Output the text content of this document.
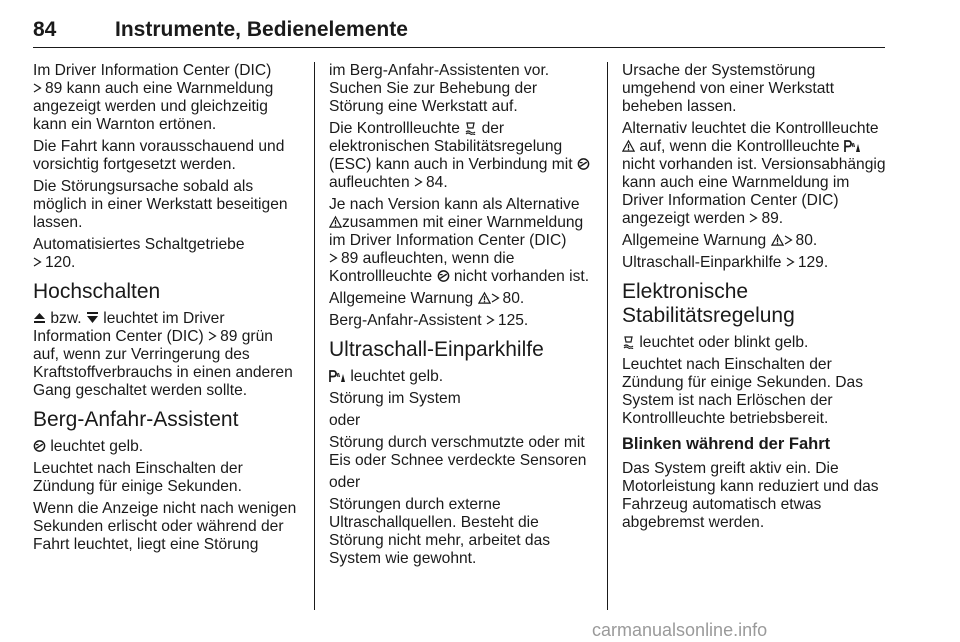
84	Instrumente, Bedienelemente

Im Driver Information Center (DIC)

89 kann auch eine Warnmeldung angezeigt werden und gleichzeitig kann ein Warnton ertönen.

Die Fahrt kann vorausschauend und vorsichtig fortgesetzt werden.

Die Störungsursache sobald als möglich in einer Werkstatt beseitigen lassen.

Automatisiertes Schaltgetriebe

120.

Hochschalten

bzw. leuchtet im Driver Information Center (DIC) 89 grün auf, wenn zur Verringerung des Kraftstoffverbrauchs in einen anderen Gang geschaltet werden sollte.

Berg-Anfahr-Assistent

leuchtet gelb.

Leuchtet nach Einschalten der Zündung für einige Sekunden.

Wenn die Anzeige nicht nach wenigen Sekunden erlischt oder während der Fahrt leuchtet, liegt eine Störung

im Berg-Anfahr-Assistenten vor. Suchen Sie zur Behebung der Störung eine Werkstatt auf.

Die Kontrollleuchte der elektronischen Stabilitätsregelung (ESC) kann auch in Verbindung mit
aufleuchten 84.

Je nach Version kann als Alternative

zusammen mit einer Warnmeldung im Driver Information Center (DIC)

89 aufleuchten, wenn die Kontrollleuchte nicht vorhanden ist.

Allgemeine Warnung 80.

Berg-Anfahr-Assistent 125.

Ultraschall-Einparkhilfe

leuchtet gelb.

Störung im System

oder

Störung durch verschmutzte oder mit Eis oder Schnee verdeckte Sensoren

oder

Störungen durch externe Ultraschallquellen. Besteht die Störung nicht mehr, arbeitet das System wie gewohnt.

Ursache der Systemstörung umgehend von einer Werkstatt beheben lassen.

Alternativ leuchtet die Kontrollleuchte

auf, wenn die Kontrollleuchte
nicht vorhanden ist. Versionsabhängig kann auch eine Warnmeldung im Driver Information Center (DIC) angezeigt werden 89.

Allgemeine Warnung 80.

Ultraschall-Einparkhilfe 129.

Elektronische Stabilitätsregelung

leuchtet oder blinkt gelb.

Leuchtet nach Einschalten der Zündung für einige Sekunden. Das System ist nach Erlöschen der Kontrollleuchte betriebsbereit.

Blinken während der Fahrt

Das System greift aktiv ein. Die Motorleistung kann reduziert und das Fahrzeug automatisch etwas abgebremst werden.

carmanualsonline.info
